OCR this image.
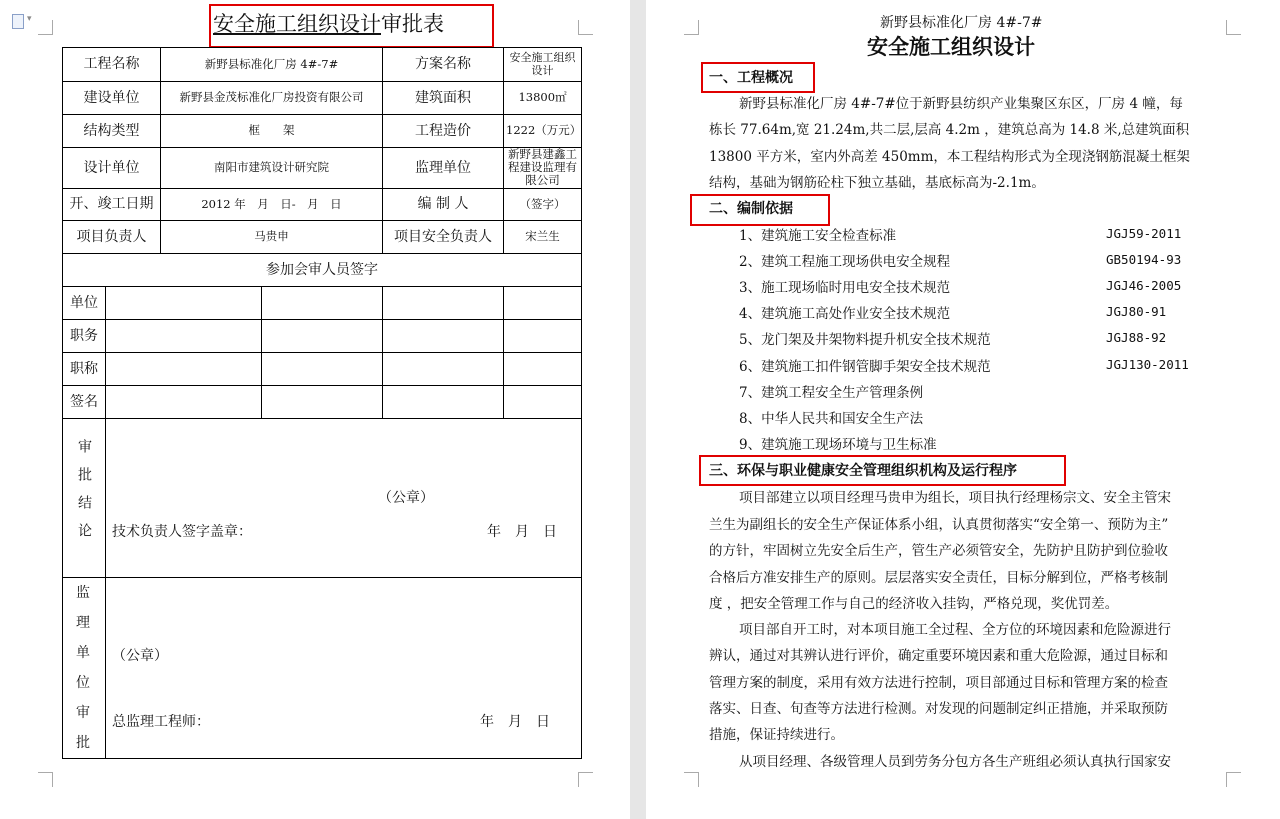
▾	安全施工组织设计审批表
工程名称		新野县标准化厂房 4#-7#		方案名称	安全施工组织设计
建设单位		新野县金茂标准化厂房投资有限公司		建筑面积	13800㎡
结构类型		框　　架		工程造价	1222（万元）
设计单位		南阳市建筑设计研究院		监理单位	新野县建鑫工程建设监理有限公司
开、竣工日期		2012 年　月　日-　月　日		编 制 人	（签字）
项目负责人		马贵申		项目安全负责人	宋兰生
参加会审人员签字					
单位					
职务					
职称					
签名					
审批结论	（公章）
技术负责人签字盖章： 年　月　日				

监理单位审批	（公章）
总监理工程师： 年　月　日				
新野县标准化厂房 4#-7#
安全施工组织设计
一、工程概况
新野县标准化厂房 4#-7#位于新野县纺织产业集聚区东区，厂房 4 幢，每
栋长 77.64m,宽 21.24m,共二层,层高 4.2m ，建筑总高为 14.8 米,总建筑面积
13800 平方米，室内外高差 450mm，本工程结构形式为全现浇钢筋混凝土框架
结构，基础为钢筋砼柱下独立基础，基底标高为-2.1m。
二、编制依据
1、建筑施工安全检查标准	JGJ59-2011
2、建筑工程施工现场供电安全规程	GB50194-93
3、施工现场临时用电安全技术规范	JGJ46-2005
4、建筑施工高处作业安全技术规范	JGJ80-91
5、龙门架及井架物料提升机安全技术规范	JGJ88-92
6、建筑施工扣件钢管脚手架安全技术规范	JGJ130-2011
7、建筑工程安全生产管理条例
8、中华人民共和国安全生产法
9、建筑施工现场环境与卫生标准
三、环保与职业健康安全管理组织机构及运行程序
项目部建立以项目经理马贵申为组长，项目执行经理杨宗文、安全主管宋
兰生为副组长的安全生产保证体系小组，认真贯彻落实“安全第一、预防为主”
的方针，牢固树立先安全后生产，管生产必须管安全，先防护且防护到位验收
合格后方准安排生产的原则。层层落实安全责任，目标分解到位，严格考核制
度 ，把安全管理工作与自己的经济收入挂钩，严格兑现，奖优罚差。
项目部自开工时，对本项目施工全过程、全方位的环境因素和危险源进行
辨认，通过对其辨认进行评价，确定重要环境因素和重大危险源，通过目标和
管理方案的制度，采用有效方法进行控制，项目部通过目标和管理方案的检查
落实、日查、旬查等方法进行检测。对发现的问题制定纠正措施，并采取预防
措施，保证持续进行。
从项目经理、各级管理人员到劳务分包方各生产班组必须认真执行国家安
